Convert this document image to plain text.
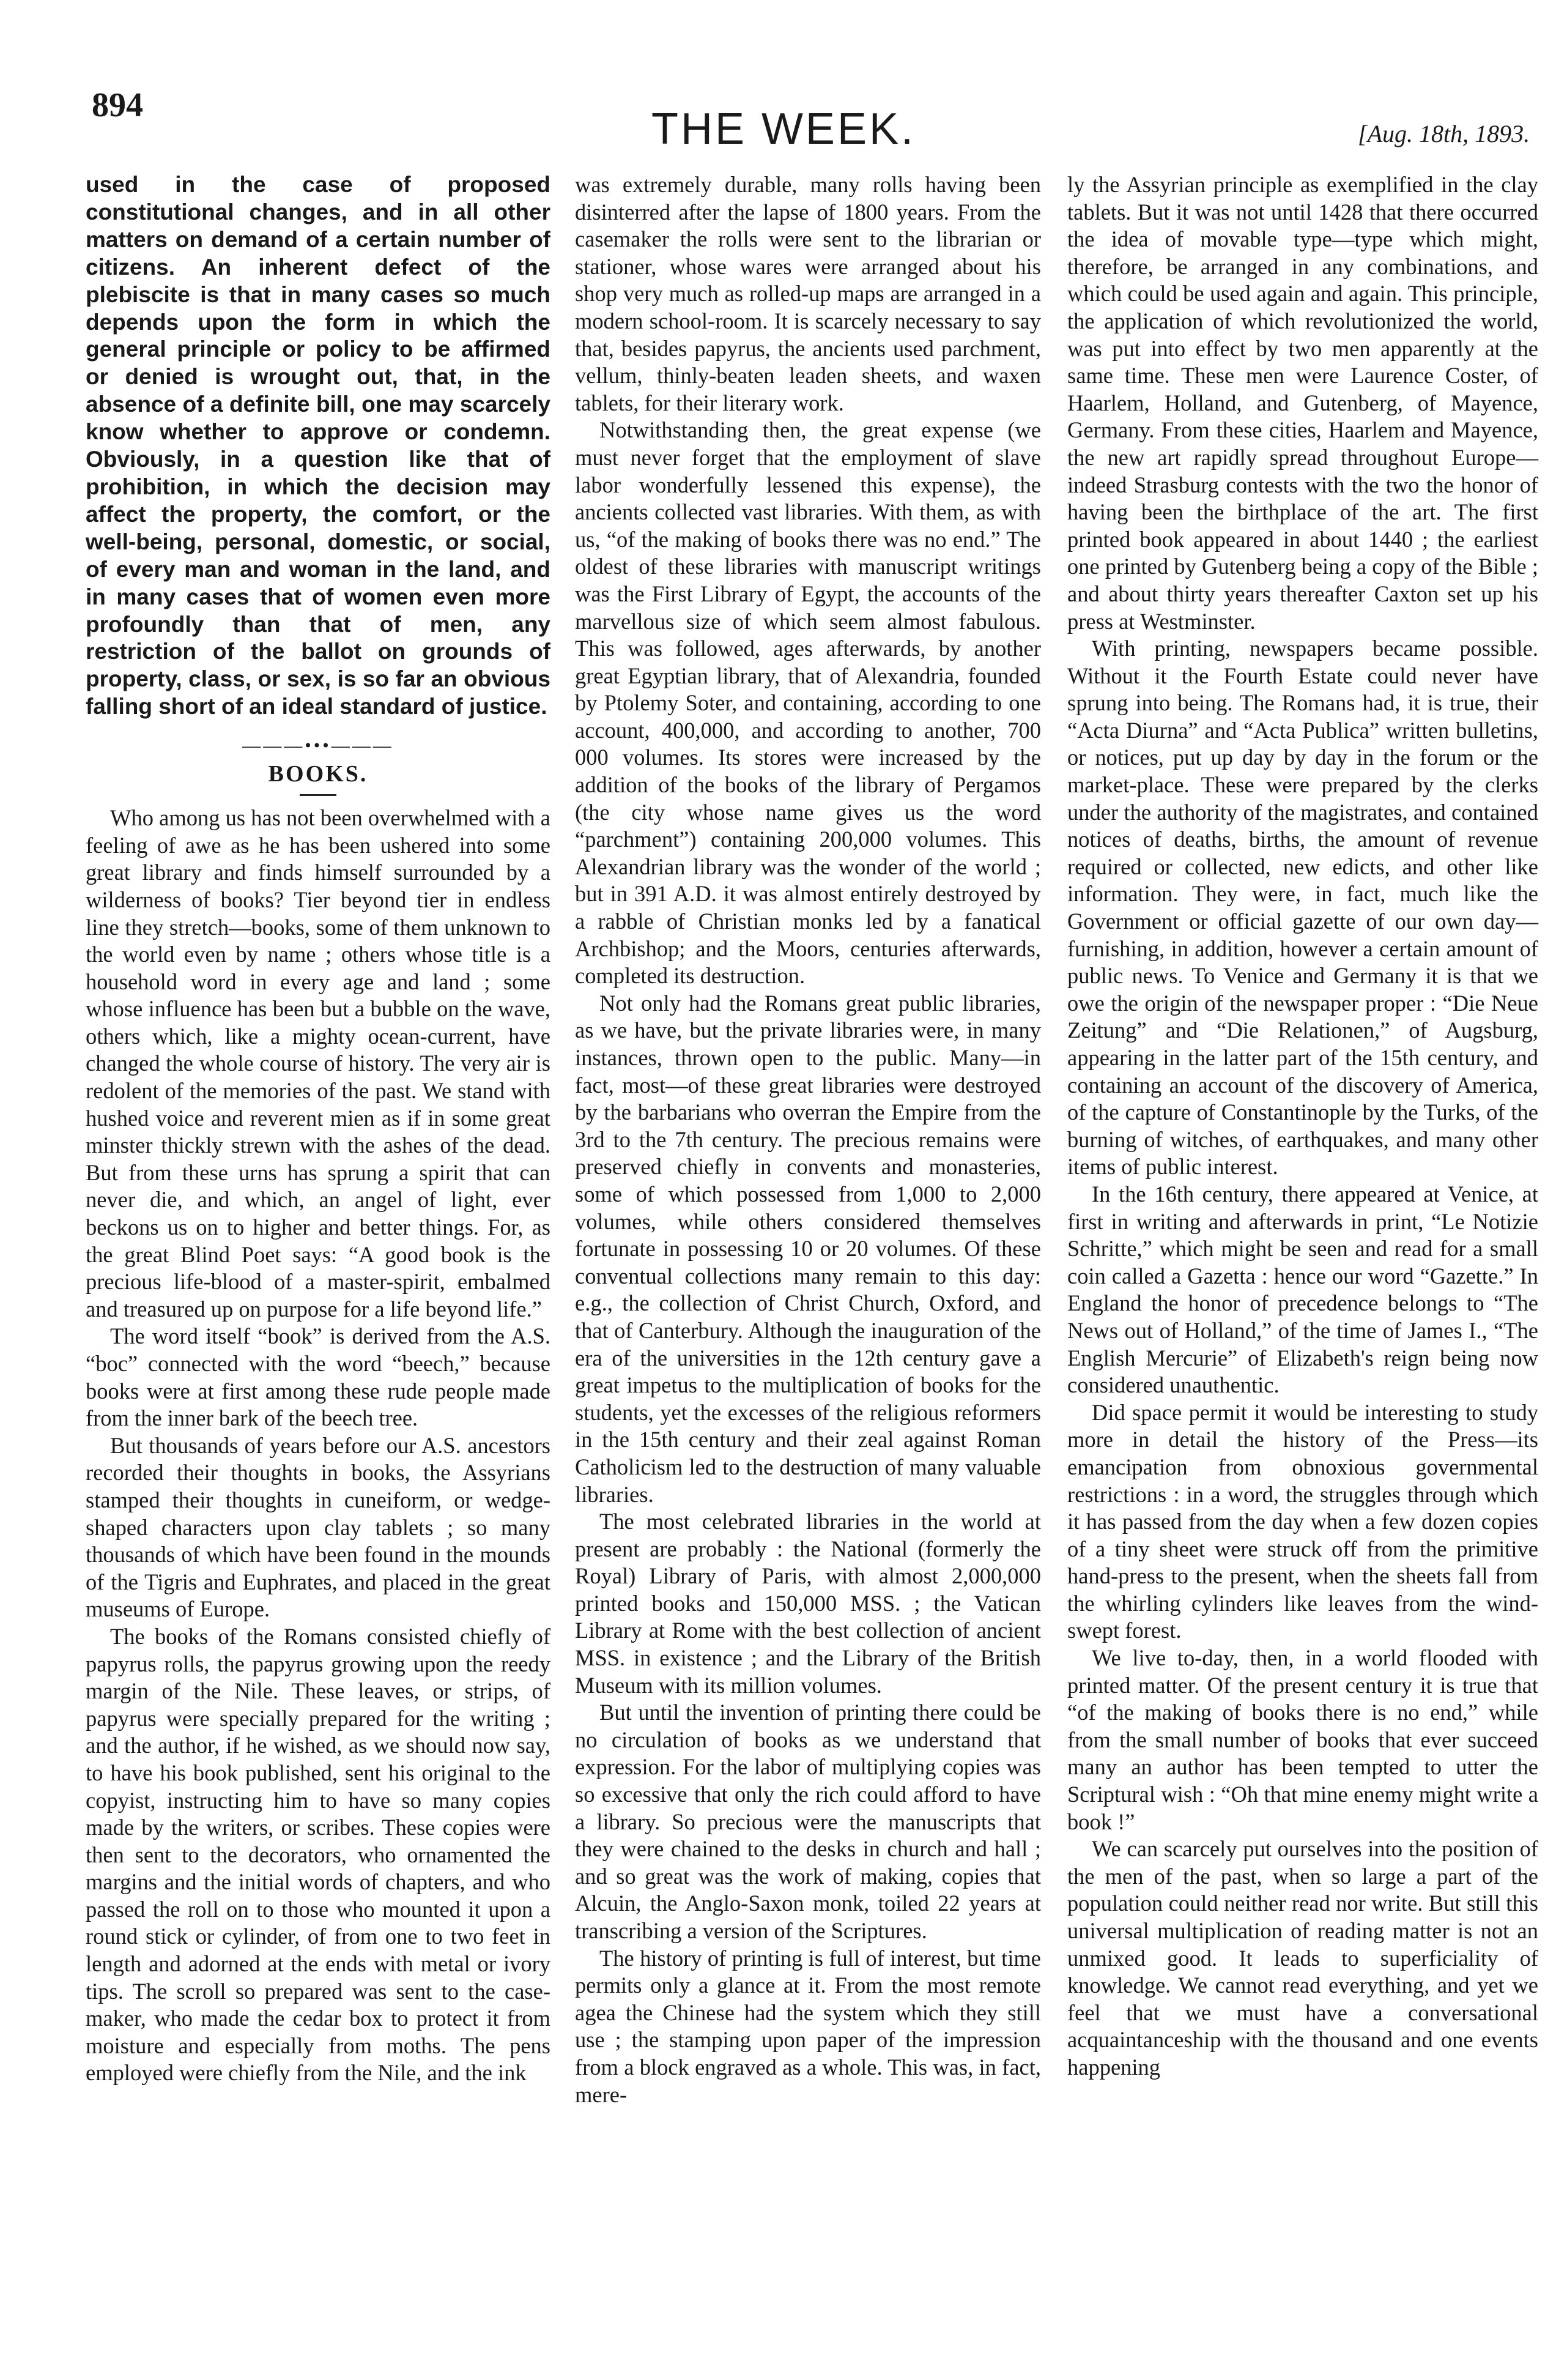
894	THE WEEK.	[Aug. 18th, 1893.

used in the case of proposed constitutional changes, and in all other matters on demand of a certain number of citizens. An inherent defect of the plebiscite is that in many cases so much depends upon the form in which the general principle or policy to be affirmed or denied is wrought out, that, in the absence of a definite bill, one may scarcely know whether to approve or condemn. Obviously, in a question like that of prohibition, in which the decision may affect the property, the comfort, or the well-being, personal, domestic, or social, of every man and woman in the land, and in many cases that of women even more profoundly than that of men, any restriction of the ballot on grounds of property, class, or sex, is so far an obvious falling short of an ideal standard of justice.

———•••———
BOOKS.

Who among us has not been overwhelmed with a feeling of awe as he has been ushered into some great library and finds himself surrounded by a wilderness of books? Tier beyond tier in endless line they stretch—books, some of them unknown to the world even by name ; others whose title is a household word in every age and land ; some whose influence has been but a bubble on the wave, others which, like a mighty ocean-current, have changed the whole course of history. The very air is redolent of the memories of the past. We stand with hushed voice and reverent mien as if in some great minster thickly strewn with the ashes of the dead. But from these urns has sprung a spirit that can never die, and which, an angel of light, ever beckons us on to higher and better things. For, as the great Blind Poet says: “A good book is the precious life-blood of a master-spirit, embalmed and treasured up on purpose for a life beyond life.”

The word itself “book” is derived from the A.S. “boc” connected with the word “beech,” because books were at first among these rude people made from the inner bark of the beech tree.

But thousands of years before our A.S. ancestors recorded their thoughts in books, the Assyrians stamped their thoughts in cuneiform, or wedge-shaped characters upon clay tablets ; so many thousands of which have been found in the mounds of the Tigris and Euphrates, and placed in the great museums of Europe.

The books of the Romans consisted chiefly of papyrus rolls, the papyrus growing upon the reedy margin of the Nile. These leaves, or strips, of papyrus were specially prepared for the writing ; and the author, if he wished, as we should now say, to have his book published, sent his original to the copyist, instructing him to have so many copies made by the writers, or scribes. These copies were then sent to the decorators, who ornamented the margins and the initial words of chapters, and who passed the roll on to those who mounted it upon a round stick or cylinder, of from one to two feet in length and adorned at the ends with metal or ivory tips. The scroll so prepared was sent to the case-maker, who made the cedar box to protect it from moisture and especially from moths. The pens employed were chiefly from the Nile, and the ink

was extremely durable, many rolls having been disinterred after the lapse of 1800 years. From the casemaker the rolls were sent to the librarian or stationer, whose wares were arranged about his shop very much as rolled-up maps are arranged in a modern school-room. It is scarcely necessary to say that, besides papyrus, the ancients used parchment, vellum, thinly-beaten leaden sheets, and waxen tablets, for their literary work.

Notwithstanding then, the great expense (we must never forget that the employment of slave labor wonderfully lessened this expense), the ancients collected vast libraries. With them, as with us, “of the making of books there was no end.” The oldest of these libraries with manuscript writings was the First Library of Egypt, the accounts of the marvellous size of which seem almost fabulous. This was followed, ages afterwards, by another great Egyptian library, that of Alexandria, founded by Ptolemy Soter, and containing, according to one account, 400,000, and according to another, 700 000 volumes. Its stores were increased by the addition of the books of the library of Pergamos (the city whose name gives us the word “parchment”) containing 200,000 volumes. This Alexandrian library was the wonder of the world ; but in 391 A.D. it was almost entirely destroyed by a rabble of Christian monks led by a fanatical Archbishop; and the Moors, centuries afterwards, completed its destruction.

Not only had the Romans great public libraries, as we have, but the private libraries were, in many instances, thrown open to the public. Many—in fact, most—of these great libraries were destroyed by the barbarians who overran the Empire from the 3rd to the 7th century. The precious remains were preserved chiefly in convents and monasteries, some of which possessed from 1,000 to 2,000 volumes, while others considered themselves fortunate in possessing 10 or 20 volumes. Of these conventual collections many remain to this day: e.g., the collection of Christ Church, Oxford, and that of Canterbury. Although the inauguration of the era of the universities in the 12th century gave a great impetus to the multiplication of books for the students, yet the excesses of the religious reformers in the 15th century and their zeal against Roman Catholicism led to the destruction of many valuable libraries.

The most celebrated libraries in the world at present are probably : the National (formerly the Royal) Library of Paris, with almost 2,000,000 printed books and 150,000 MSS. ; the Vatican Library at Rome with the best collection of ancient MSS. in existence ; and the Library of the British Museum with its million volumes.

But until the invention of printing there could be no circulation of books as we understand that expression. For the labor of multiplying copies was so excessive that only the rich could afford to have a library. So precious were the manuscripts that they were chained to the desks in church and hall ; and so great was the work of making, copies that Alcuin, the Anglo-Saxon monk, toiled 22 years at transcribing a version of the Scriptures.

The history of printing is full of interest, but time permits only a glance at it. From the most remote agea the Chinese had the system which they still use ; the stamping upon paper of the impression from a block engraved as a whole. This was, in fact, mere-

ly the Assyrian principle as exemplified in the clay tablets. But it was not until 1428 that there occurred the idea of movable type—type which might, therefore, be arranged in any combinations, and which could be used again and again. This principle, the application of which revolutionized the world, was put into effect by two men apparently at the same time. These men were Laurence Coster, of Haarlem, Holland, and Gutenberg, of Mayence, Germany. From these cities, Haarlem and Mayence, the new art rapidly spread throughout Europe—indeed Strasburg contests with the two the honor of having been the birthplace of the art. The first printed book appeared in about 1440 ; the earliest one printed by Gutenberg being a copy of the Bible ; and about thirty years thereafter Caxton set up his press at Westminster.

With printing, newspapers became possible. Without it the Fourth Estate could never have sprung into being. The Romans had, it is true, their “Acta Diurna” and “Acta Publica” written bulletins, or notices, put up day by day in the forum or the market-place. These were prepared by the clerks under the authority of the magistrates, and contained notices of deaths, births, the amount of revenue required or collected, new edicts, and other like information. They were, in fact, much like the Government or official gazette of our own day—furnishing, in addition, however a certain amount of public news. To Venice and Germany it is that we owe the origin of the newspaper proper : “Die Neue Zeitung” and “Die Relationen,” of Augsburg, appearing in the latter part of the 15th century, and containing an account of the discovery of America, of the capture of Constantinople by the Turks, of the burning of witches, of earthquakes, and many other items of public interest.

In the 16th century, there appeared at Venice, at first in writing and afterwards in print, “Le Notizie Schritte,” which might be seen and read for a small coin called a Gazetta : hence our word “Gazette.” In England the honor of precedence belongs to “The News out of Holland,” of the time of James I., “The English Mercurie” of Elizabeth's reign being now considered unauthentic.

Did space permit it would be interesting to study more in detail the history of the Press—its emancipation from obnoxious governmental restrictions : in a word, the struggles through which it has passed from the day when a few dozen copies of a tiny sheet were struck off from the primitive hand-press to the present, when the sheets fall from the whirling cylinders like leaves from the wind-swept forest.

We live to-day, then, in a world flooded with printed matter. Of the present century it is true that “of the making of books there is no end,” while from the small number of books that ever succeed many an author has been tempted to utter the Scriptural wish : “Oh that mine enemy might write a book !”

We can scarcely put ourselves into the position of the men of the past, when so large a part of the population could neither read nor write. But still this universal multiplication of reading matter is not an unmixed good. It leads to superficiality of knowledge. We cannot read everything, and yet we feel that we must have a conversational acquaintanceship with the thousand and one events happening
